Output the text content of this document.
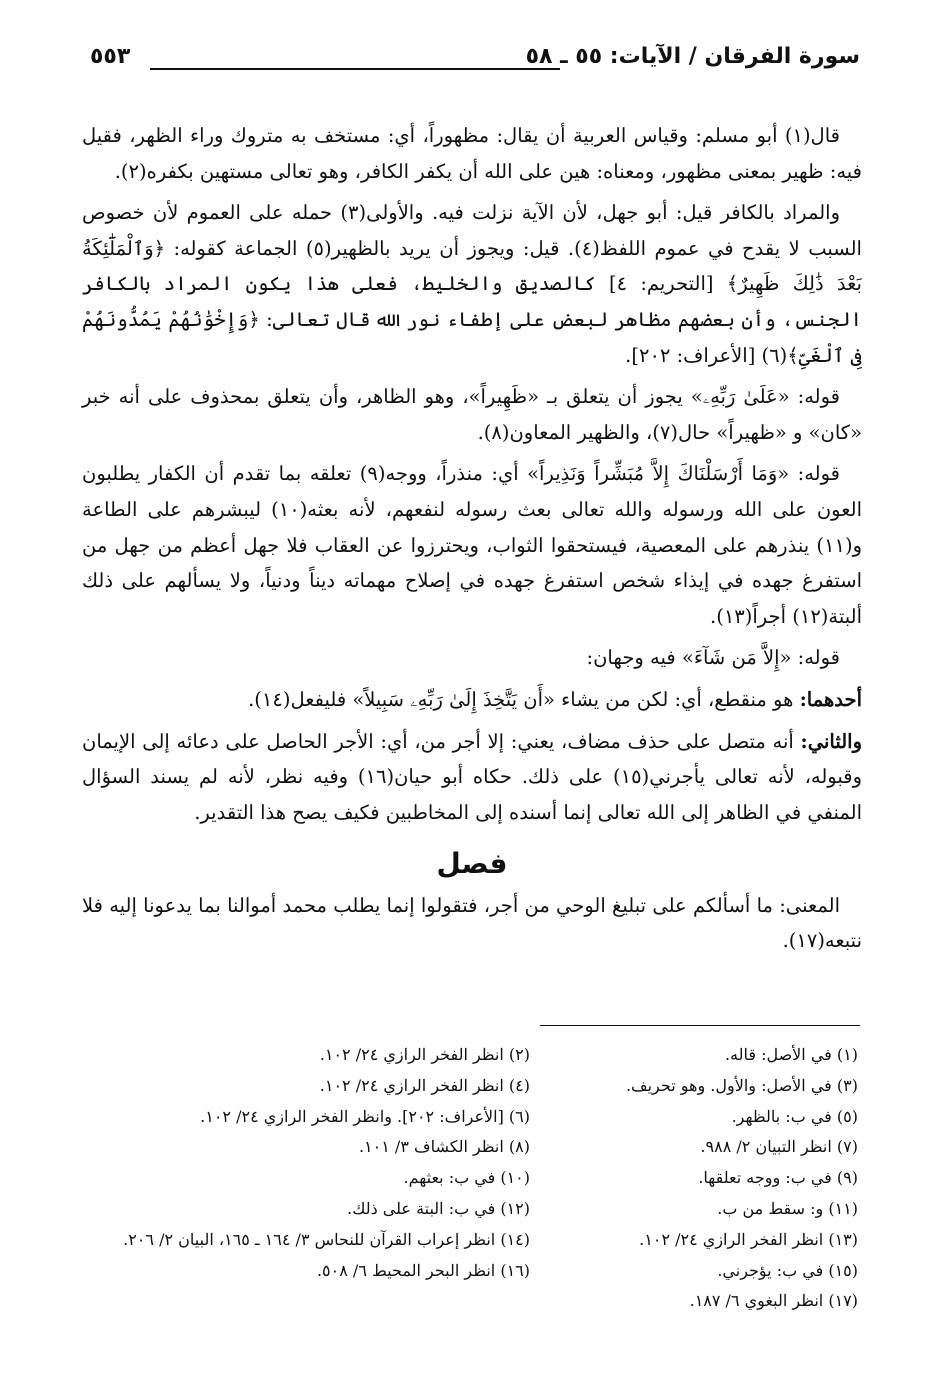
سورة الفرقان / الآيات: ٥٥ ـ ٥٨
٥٥٣

قال(١) أبو مسلم: وقياس العربية أن يقال: مظهوراً، أي: مستخف به متروك وراء الظهر، فقيل فيه: ظهير بمعنى مظهور، ومعناه: هين على الله أن يكفر الكافر، وهو تعالى مستهين بكفره(٢).

والمراد بالكافر قيل: أبو جهل، لأن الآية نزلت فيه. والأولى(٣) حمله على العموم لأن خصوص السبب لا يقدح في عموم اللفظ(٤). قيل: ويجوز أن يريد بالظهير(٥) الجماعة كقوله: ﴿وَٱلْمَلَٰٓئِكَةُ بَعْدَ ذَٰلِكَ ظَهِيرٌ﴾ [التحريم: ٤] كالصديق والخليط، فعلى هذا يكون المراد بالكافر الجنس، وأن بعضهم مظاهر لبعض على إطفاء نور الله قال تعالى: ﴿وَإِخْوَٰنُهُمْ يَمُدُّونَهُمْ فِى ٱلْغَىِّ﴾(٦) [الأعراف: ٢٠٢].

قوله: «عَلَىٰ رَبِّهِۦ» يجوز أن يتعلق بـ «ظَهِيراً»، وهو الظاهر، وأن يتعلق بمحذوف على أنه خبر «كان» و «ظهيراً» حال(٧)، والظهير المعاون(٨).

قوله: «وَمَا أَرْسَلْنَاكَ إِلاَّ مُبَشِّراً وَنَذِيراً» أي: منذراً، ووجه(٩) تعلقه بما تقدم أن الكفار يطلبون العون على الله ورسوله والله تعالى بعث رسوله لنفعهم، لأنه بعثه(١٠) ليبشرهم على الطاعة و(١١) ينذرهم على المعصية، فيستحقوا الثواب، ويحترزوا عن العقاب فلا جهل أعظم من جهل من استفرغ جهده في إيذاء شخص استفرغ جهده في إصلاح مهماته ديناً ودنياً، ولا يسألهم على ذلك ألبتة(١٢) أجراً(١٣).

قوله: «إِلاَّ مَن شَآءَ» فيه وجهان:

أحدهما: هو منقطع، أي: لكن من يشاء «أَن يَتَّخِذَ إِلَىٰ رَبِّهِۦ سَبِيلاً» فليفعل(١٤).

والثاني: أنه متصل على حذف مضاف، يعني: إلا أجر من، أي: الأجر الحاصل على دعائه إلى الإيمان وقبوله، لأنه تعالى يأجرني(١٥) على ذلك. حكاه أبو حيان(١٦) وفيه نظر، لأنه لم يسند السؤال المنفي في الظاهر إلى الله تعالى إنما أسنده إلى المخاطبين فكيف يصح هذا التقدير.

فصل

المعنى: ما أسألكم على تبليغ الوحي من أجر، فتقولوا إنما يطلب محمد أموالنا بما يدعونا إليه فلا نتبعه(١٧).

(١) في الأصل: قاله.
(٣) في الأصل: والأول. وهو تحريف.
(٥) في ب: بالظهر.
(٧) انظر التبيان ٢/ ٩٨٨.
(٩) في ب: ووجه تعلقها.
(١١) و: سقط من ب.
(١٣) انظر الفخر الرازي ٢٤/ ١٠٢.
(١٥) في ب: يؤجرني.
(١٧) انظر البغوي ٦/ ١٨٧.
(٢) انظر الفخر الرازي ٢٤/ ١٠٢.
(٤) انظر الفخر الرازي ٢٤/ ١٠٢.
(٦) [الأعراف: ٢٠٢]. وانظر الفخر الرازي ٢٤/ ١٠٢.
(٨) انظر الكشاف ٣/ ١٠١.
(١٠) في ب: بعثهم.
(١٢) في ب: البتة على ذلك.
(١٤) انظر إعراب القرآن للنحاس ٣/ ١٦٤ ـ ١٦٥، البيان ٢/ ٢٠٦.
(١٦) انظر البحر المحيط ٦/ ٥٠٨.
